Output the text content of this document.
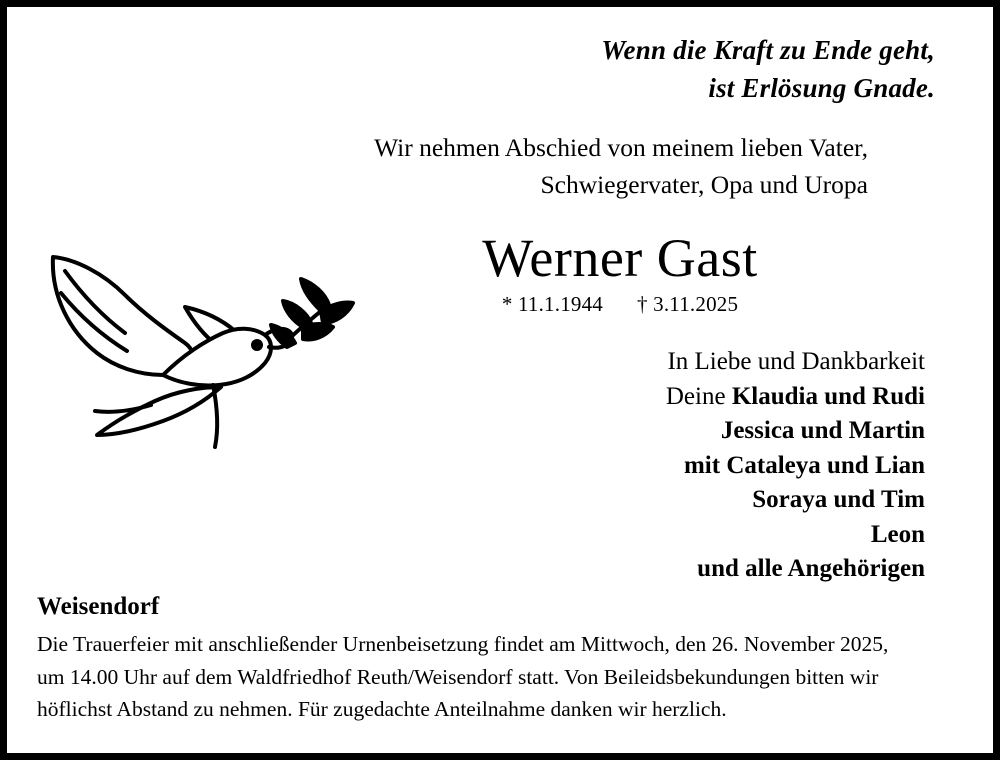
Wenn die Kraft zu Ende geht,
ist Erlösung Gnade.
Wir nehmen Abschied von meinem lieben Vater,
Schwiegervater, Opa und Uropa
Werner Gast
* 11.1.1944 † 3.11.2025
In Liebe und Dankbarkeit
Deine Klaudia und Rudi
Jessica und Martin
mit Cataleya und Lian
Soraya und Tim
Leon
und alle Angehörigen
Weisendorf
Die Trauerfeier mit anschließender Urnenbeisetzung findet am Mittwoch, den 26. November 2025,
um 14.00 Uhr auf dem Waldfriedhof Reuth/Weisendorf statt. Von Beileidsbekundungen bitten wir
höflichst Abstand zu nehmen. Für zugedachte Anteilnahme danken wir herzlich.
